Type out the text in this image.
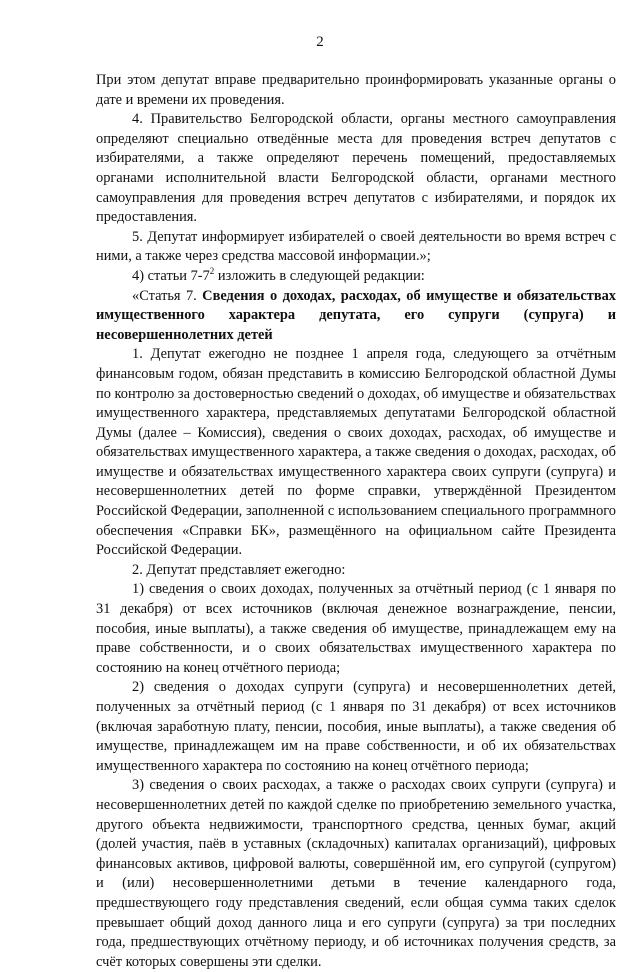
2

При этом депутат вправе предварительно проинформировать указанные органы о дате и времени их проведения.

4. Правительство Белгородской области, органы местного самоуправления определяют специально отведённые места для проведения встреч депутатов с избирателями, а также определяют перечень помещений, предоставляемых органами исполнительной власти Белгородской области, органами местного самоуправления для проведения встреч депутатов с избирателями, и порядок их предоставления.

5. Депутат информирует избирателей о своей деятельности во время встреч с ними, а также через средства массовой информации.»;

4) статьи $7-7^2$ изложить в следующей редакции:

«Статья 7. Сведения о доходах, расходах, об имуществе и обязательствах имущественного характера депутата, его супруги (супруга) и несовершеннолетних детей

1. Депутат ежегодно не позднее 1 апреля года, следующего за отчётным финансовым годом, обязан представить в комиссию Белгородской областной Думы по контролю за достоверностью сведений о доходах, об имуществе и обязательствах имущественного характера, представляемых депутатами Белгородской областной Думы (далее – Комиссия), сведения о своих доходах, расходах, об имуществе и обязательствах имущественного характера, а также сведения о доходах, расходах, об имуществе и обязательствах имущественного характера своих супруги (супруга) и несовершеннолетних детей по форме справки, утверждённой Президентом Российской Федерации, заполненной с использованием специального программного обеспечения «Справки БК», размещённого на официальном сайте Президента Российской Федерации.

2. Депутат представляет ежегодно:

1) сведения о своих доходах, полученных за отчётный период (с 1 января по 31 декабря) от всех источников (включая денежное вознаграждение, пенсии, пособия, иные выплаты), а также сведения об имуществе, принадлежащем ему на праве собственности, и о своих обязательствах имущественного характера по состоянию на конец отчётного периода;

2) сведения о доходах супруги (супруга) и несовершеннолетних детей, полученных за отчётный период (с 1 января по 31 декабря) от всех источников (включая заработную плату, пенсии, пособия, иные выплаты), а также сведения об имуществе, принадлежащем им на праве собственности, и об их обязательствах имущественного характера по состоянию на конец отчётного периода;

3) сведения о своих расходах, а также о расходах своих супруги (супруга) и несовершеннолетних детей по каждой сделке по приобретению земельного участка, другого объекта недвижимости, транспортного средства, ценных бумаг, акций (долей участия, паёв в уставных (складочных) капиталах организаций), цифровых финансовых активов, цифровой валюты, совершённой им, его супругой (супругом) и (или) несовершеннолетними детьми в течение календарного года, предшествующего году представления сведений, если общая сумма таких сделок превышает общий доход данного лица и его супруги (супруга) за три последних года, предшествующих отчётному периоду, и об источниках получения средств, за счёт которых совершены эти сделки.
